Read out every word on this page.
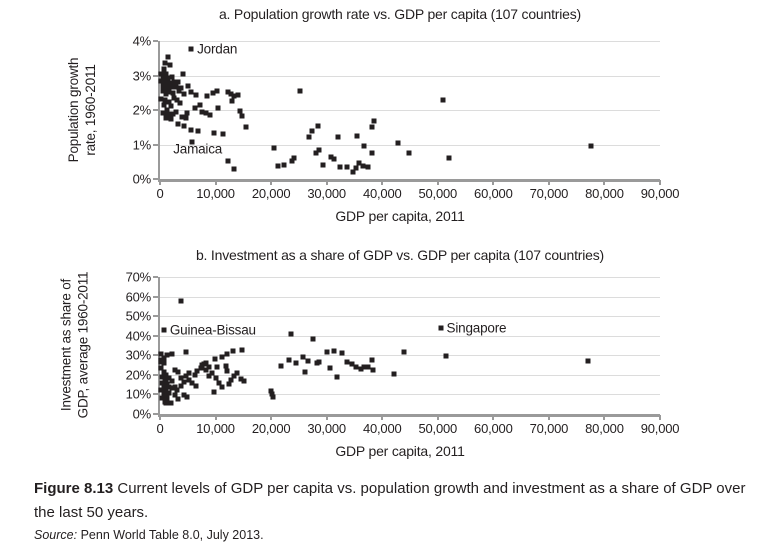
a. Population growth rate vs. GDP per capita (107 countries)
Population growth rate, 1960-2011
4%
3%
2%
1%
0%
0	10,000 20,000 30,000 40,000 50,000 60,000 70,000 80,000 90,000
Jordan
Jamaica
GDP per capita, 2011
b. Investment as a share of GDP vs. GDP per capita (107 countries)
Investment as share of GDP, average 1960-2011	70%
60%
50%
40%
30%
20%
10%
0%
0	10,000 20,000 30,000 40,000 50,000 60,000 70,000 80,000 90,000
Guinea-Bissau	Singapore
GDP per capita, 2011

Figure 8.13 Current levels of GDP per capita vs. population growth and investment as a share of GDP over the last 50 years.

Source: Penn World Table 8.0, July 2013.
